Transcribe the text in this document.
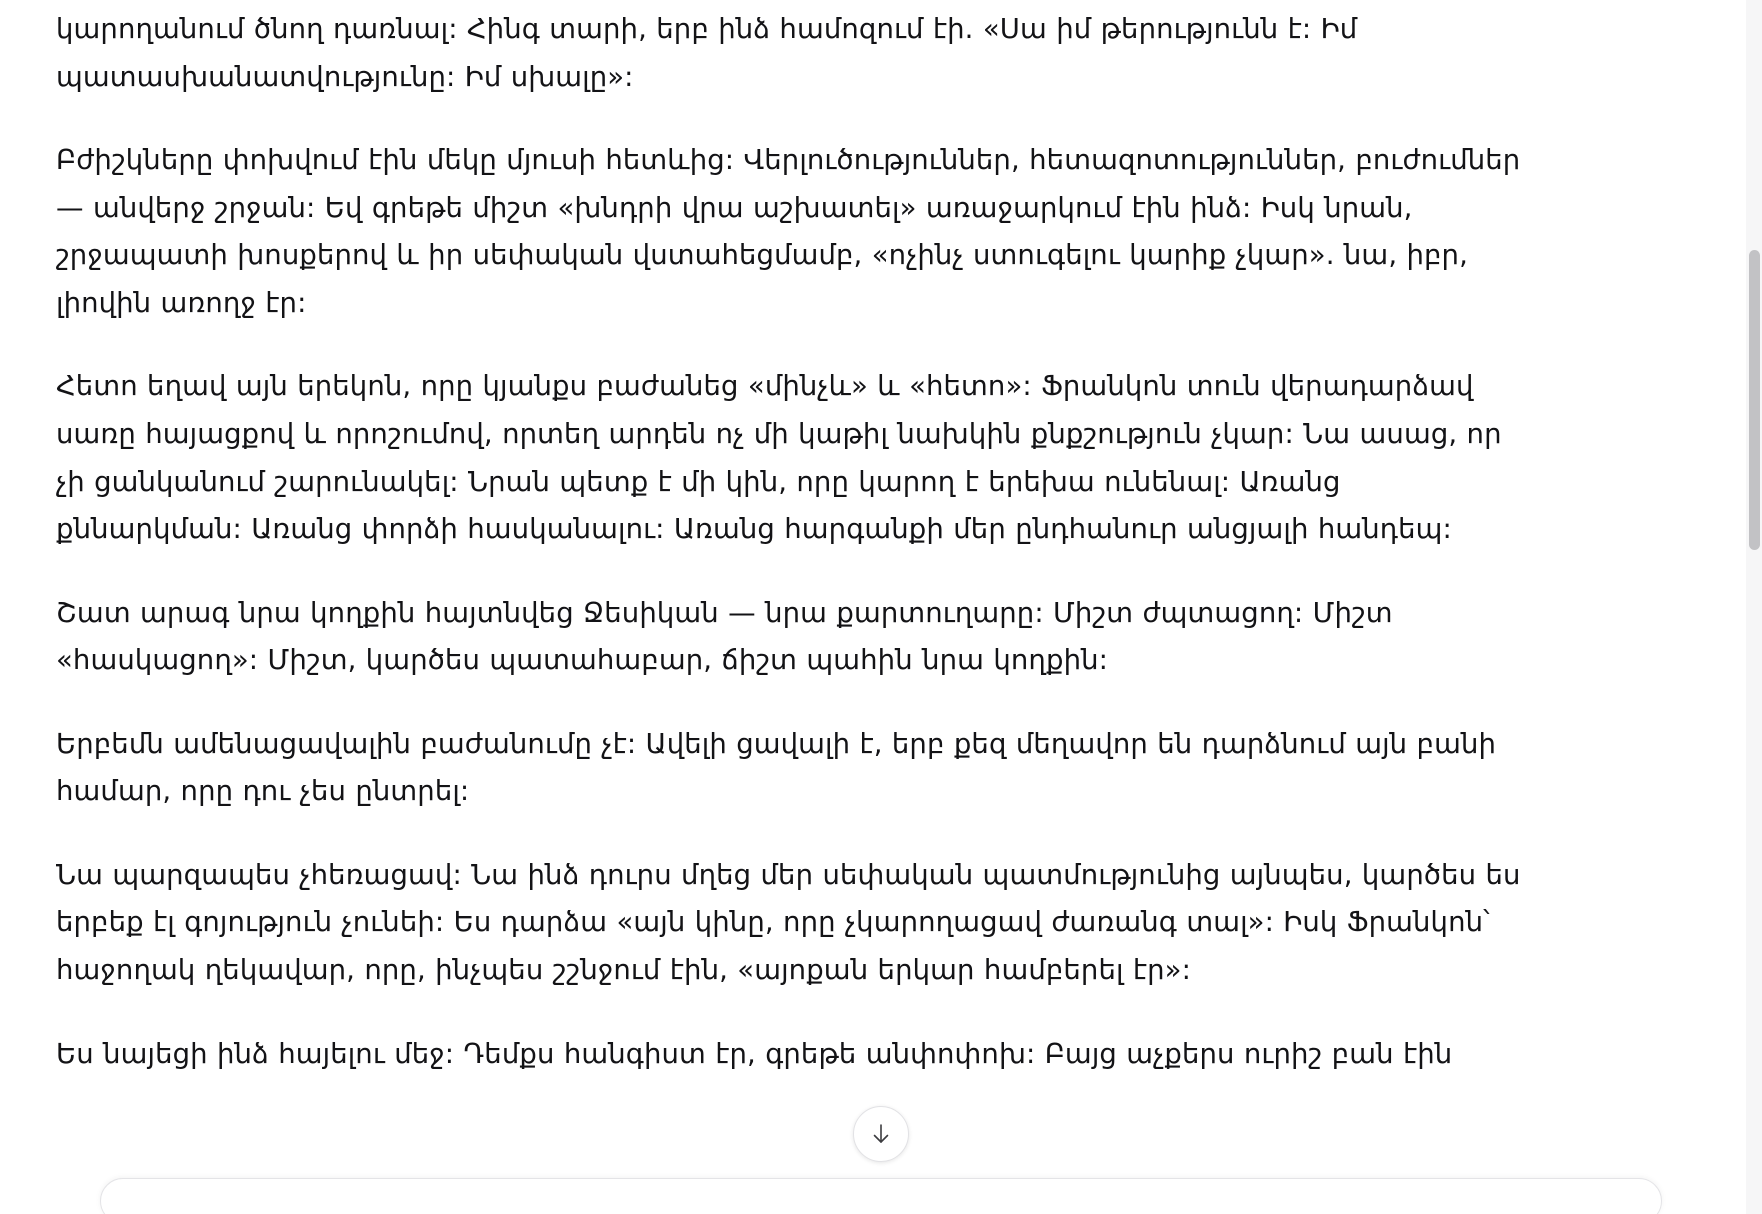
կարողանում ծնող դառնալ: Հինգ տարի, երբ ինձ համոզում էի. «Սա իմ թերությունն է: Իմ պատասխանատվությունը: Իմ սխալը»:

Բժիշկները փոխվում էին մեկը մյուսի հետևից: Վերլուծություններ, հետազոտություններ, բուժումներ — անվերջ շրջան: Եվ գրեթե միշտ «խնդրի վրա աշխատել» առաջարկում էին ինձ: Իսկ նրան, շրջապատի խոսքերով և իր սեփական վստահեցմամբ, «ոչինչ ստուգելու կարիք չկար». նա, իբր, լիովին առողջ էր:

Հետո եղավ այն երեկոն, որը կյանքս բաժանեց «մինչև» և «հետո»: Ֆրանկոն տուն վերադարձավ սառը հայացքով և որոշումով, որտեղ արդեն ոչ մի կաթիլ նախկին քնքշություն չկար: Նա ասաց, որ չի ցանկանում շարունակել: Նրան պետք է մի կին, որը կարող է երեխա ունենալ: Առանց քննարկման: Առանց փորձի հասկանալու: Առանց հարգանքի մեր ընդհանուր անցյալի հանդեպ:

Շատ արագ նրա կողքին հայտնվեց Ջեսիկան — նրա քարտուղարը: Միշտ ժպտացող: Միշտ «հասկացող»: Միշտ, կարծես պատահաբար, ճիշտ պահին նրա կողքին:

Երբեմն ամենացավալին բաժանումը չէ: Ավելի ցավալի է, երբ քեզ մեղավոր են դարձնում այն բանի համար, որը դու չես ընտրել:

Նա պարզապես չհեռացավ: Նա ինձ դուրս մղեց մեր սեփական պատմությունից այնպես, կարծես ես երբեք էլ գոյություն չունեի: Ես դարձա «այն կինը, որը չկարողացավ ժառանգ տալ»: Իսկ Ֆրանկոն՝ հաջողակ ղեկավար, որը, ինչպես շշնջում էին, «այոքան երկար համբերել էր»:

Ես նայեցի ինձ հայելու մեջ: Դեմքս հանգիստ էր, գրեթե անփոփոխ: Բայց աչքերս ուրիշ բան էին
